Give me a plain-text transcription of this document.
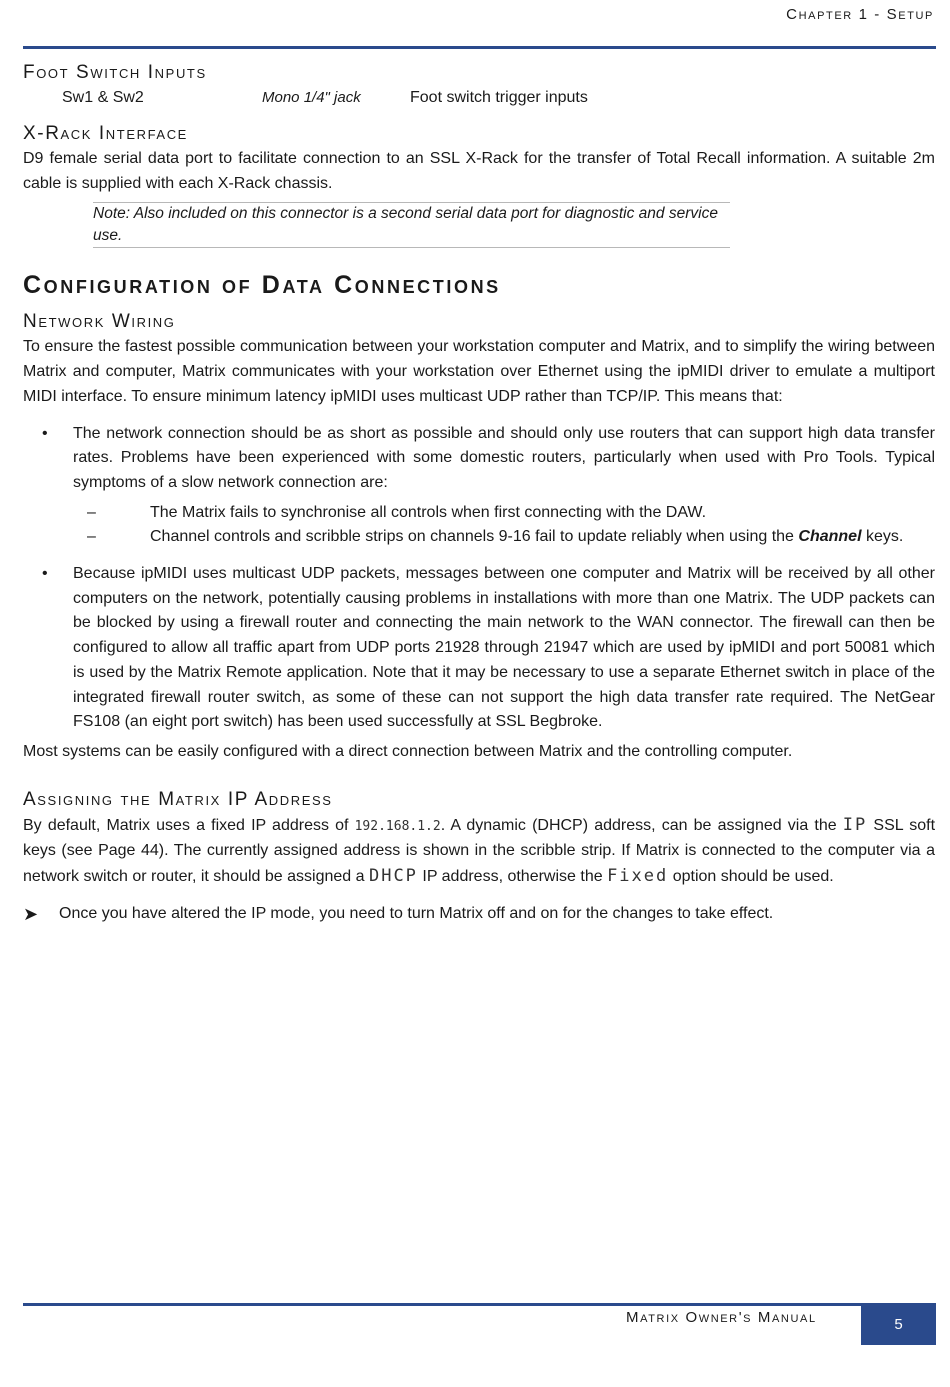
Chapter 1 - Setup
Foot Switch Inputs
Sw1 & Sw2	Mono 1/4" jack	Foot switch trigger inputs
X-Rack Interface

D9 female serial data port to facilitate connection to an SSL X-Rack for the transfer of Total Recall information. A suitable 2m cable is supplied with each X-Rack chassis.

Note: Also included on this connector is a second serial data port for diagnostic and service use.
Configuration of Data Connections
Network Wiring

To ensure the fastest possible communication between your workstation computer and Matrix, and to simplify the wiring between Matrix and computer, Matrix communicates with your workstation over Ethernet using the ipMIDI driver to emulate a multiport MIDI interface. To ensure minimum latency ipMIDI uses multicast UDP rather than TCP/IP. This means that:

• The network connection should be as short as possible and should only use routers that can support high data transfer rates. Problems have been experienced with some domestic routers, particularly when used with Pro Tools. Typical symptoms of a slow network connection are:
–	The Matrix fails to synchronise all controls when first connecting with the DAW.
–	Channel controls and scribble strips on channels 9-16 fail to update reliably when using the Channel keys.
• Because ipMIDI uses multicast UDP packets, messages between one computer and Matrix will be received by all other computers on the network, potentially causing problems in installations with more than one Matrix. The UDP packets can be blocked by using a firewall router and connecting the main network to the WAN connector. The firewall can then be configured to allow all traffic apart from UDP ports 21928 through 21947 which are used by ipMIDI and port 50081 which is used by the Matrix Remote application. Note that it may be necessary to use a separate Ethernet switch in place of the integrated firewall router switch, as some of these can not support the high data transfer rate required. The NetGear FS108 (an eight port switch) has been used successfully at SSL Begbroke.

Most systems can be easily configured with a direct connection between Matrix and the controlling computer.

Assigning the Matrix IP Address

By default, Matrix uses a fixed IP address of 192.168.1.2. A dynamic (DHCP) address, can be assigned via the IP SSL soft keys (see Page 44). The currently assigned address is shown in the scribble strip. If Matrix is connected to the computer via a network switch or router, it should be assigned a DHCP IP address, otherwise the Fixed option should be used.

➤ Once you have altered the IP mode, you need to turn Matrix off and on for the changes to take effect.
Matrix Owner's Manual	5
